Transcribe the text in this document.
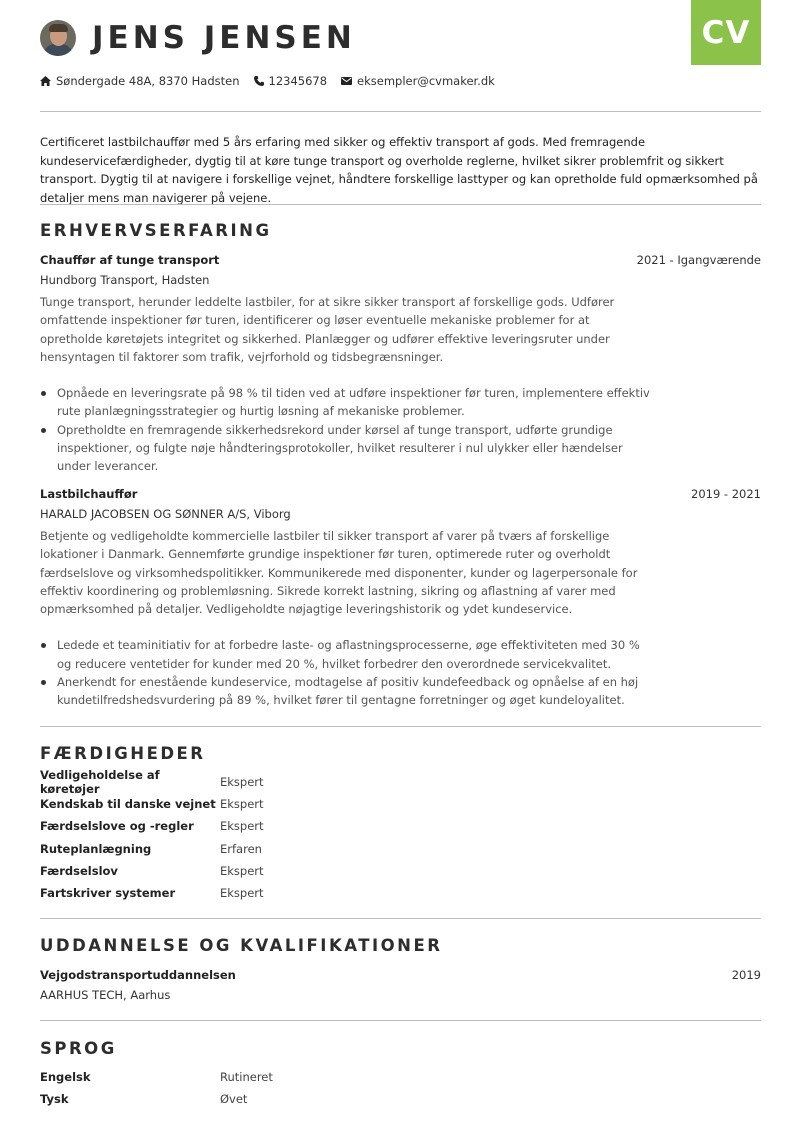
CV
JENS JENSEN
Søndergade 48A, 8370 Hadsten	12345678	eksempler@cvmaker.dk
Certificeret lastbilchauffør med 5 års erfaring med sikker og effektiv transport af gods. Med fremragende kundeservicefærdigheder, dygtig til at køre tunge transport og overholde reglerne, hvilket sikrer problemfrit og sikkert transport. Dygtig til at navigere i forskellige vejnet, håndtere forskellige lasttyper og kan opretholde fuld opmærksomhed på detaljer mens man navigerer på vejene.
ERHVERVSERFARING
Chauffør af tunge transport	2021 - Igangværende
Hundborg Transport, Hadsten
Tunge transport, herunder leddelte lastbiler, for at sikre sikker transport af forskellige gods. Udfører omfattende inspektioner før turen, identificerer og løser eventuelle mekaniske problemer for at opretholde køretøjets integritet og sikkerhed. Planlægger og udfører effektive leveringsruter under hensyntagen til faktorer som trafik, vejrforhold og tidsbegrænsninger.
Opnåede en leveringsrate på 98 % til tiden ved at udføre inspektioner før turen, implementere effektiv rute planlægningsstrategier og hurtig løsning af mekaniske problemer.
Opretholdte en fremragende sikkerhedsrekord under kørsel af tunge transport, udførte grundige inspektioner, og fulgte nøje håndteringsprotokoller, hvilket resulterer i nul ulykker eller hændelser under leverancer.
Lastbilchauffør	2019 - 2021
HARALD JACOBSEN OG SØNNER A/S, Viborg
Betjente og vedligeholdte kommercielle lastbiler til sikker transport af varer på tværs af forskellige lokationer i Danmark. Gennemførte grundige inspektioner før turen, optimerede ruter og overholdt færdselslove og virksomhedspolitikker. Kommunikerede med disponenter, kunder og lagerpersonale for effektiv koordinering og problemløsning. Sikrede korrekt lastning, sikring og aflastning af varer med opmærksomhed på detaljer. Vedligeholdte nøjagtige leveringshistorik og ydet kundeservice.
Ledede et teaminitiativ for at forbedre laste- og aflastningsprocesserne, øge effektiviteten med 30 % og reducere ventetider for kunder med 20 %, hvilket forbedrer den overordnede servicekvalitet.
Anerkendt for enestående kundeservice, modtagelse af positiv kundefeedback og opnåelse af en høj kundetilfredshedsvurdering på 89 %, hvilket fører til gentagne forretninger og øget kundeloyalitet.
FÆRDIGHEDER
Vedligeholdelse af køretøjer	Ekspert
Kendskab til danske vejnet Ekspert
Færdselslove og -regler	Ekspert
Ruteplanlægning	Erfaren
Færdselslov	Ekspert
Fartskriver systemer	Ekspert
UDDANNELSE OG KVALIFIKATIONER
Vejgodstransportuddannelsen	2019
AARHUS TECH, Aarhus
SPROG
Engelsk	Rutineret
Tysk	Øvet
